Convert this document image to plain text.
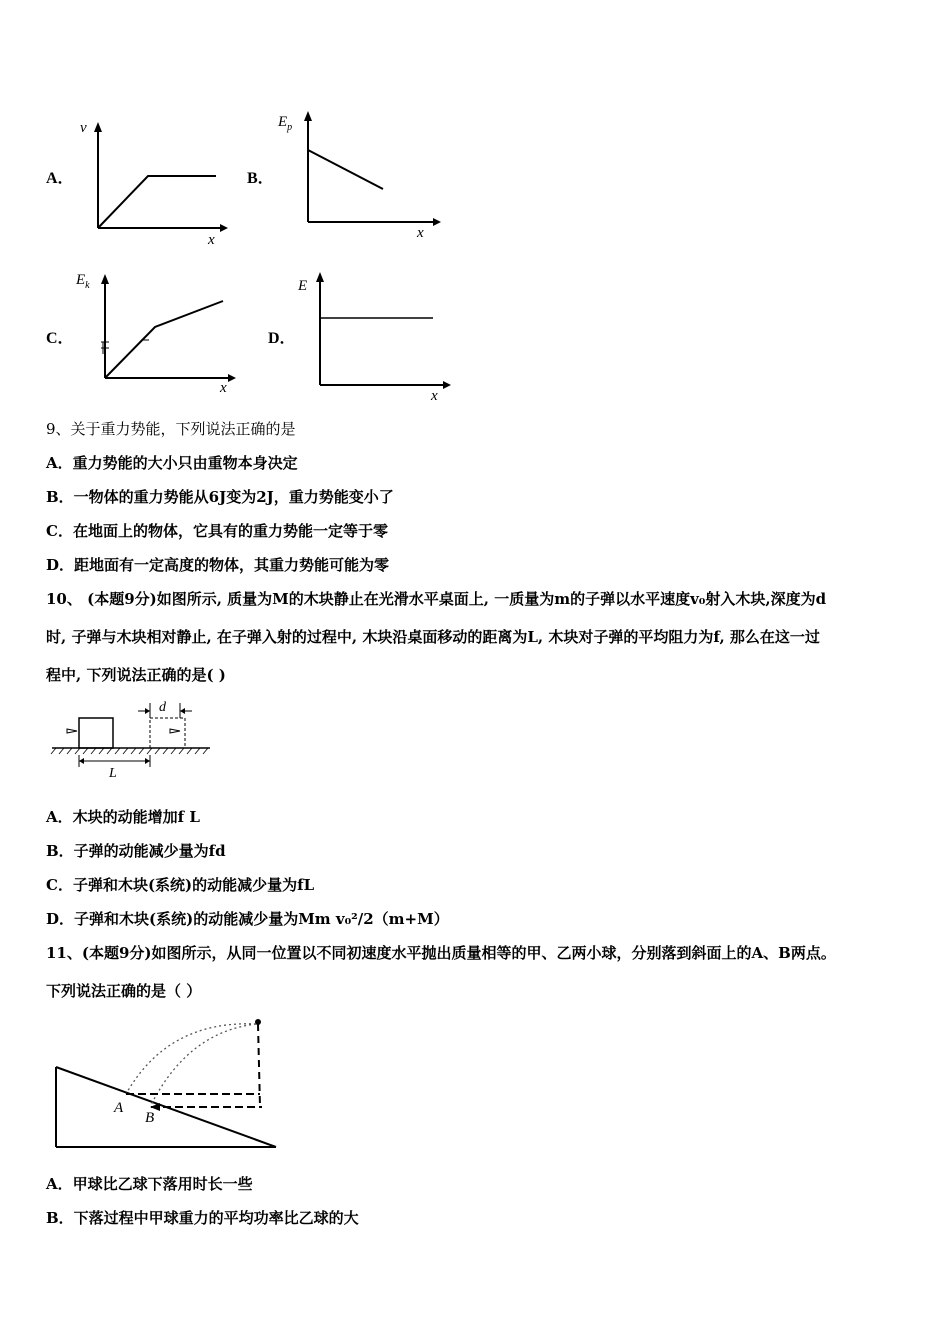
A．	B．
C．	D．
v
x
$E_p$
x
$E_k$
x
E
x
9、关于重力势能，下列说法正确的是
A．重力势能的大小只由重物本身决定
B．一物体的重力势能从6J变为2J，重力势能变小了
C．在地面上的物体，它具有的重力势能一定等于零
D．距地面有一定高度的物体，其重力势能可能为零
10、 (本题9分)如图所示, 质量为M的木块静止在光滑水平桌面上, 一质量为m的子弹以水平速度v₀射入木块,深度为d
时, 子弹与木块相对静止, 在子弹入射的过程中, 木块沿桌面移动的距离为L, 木块对子弹的平均阻力为f, 那么在这一过
程中, 下列说法正确的是( )
d
L
A．木块的动能增加f L
B．子弹的动能减少量为fd
C．子弹和木块(系统)的动能减少量为fL
D．子弹和木块(系统)的动能减少量为Mm v₀²/2（m+M）
11、(本题9分)如图所示，从同一位置以不同初速度水平抛出质量相等的甲、乙两小球，分别落到斜面上的A、B两点。
下列说法正确的是（ ）
A
B
A．甲球比乙球下落用时长一些
B．下落过程中甲球重力的平均功率比乙球的大
